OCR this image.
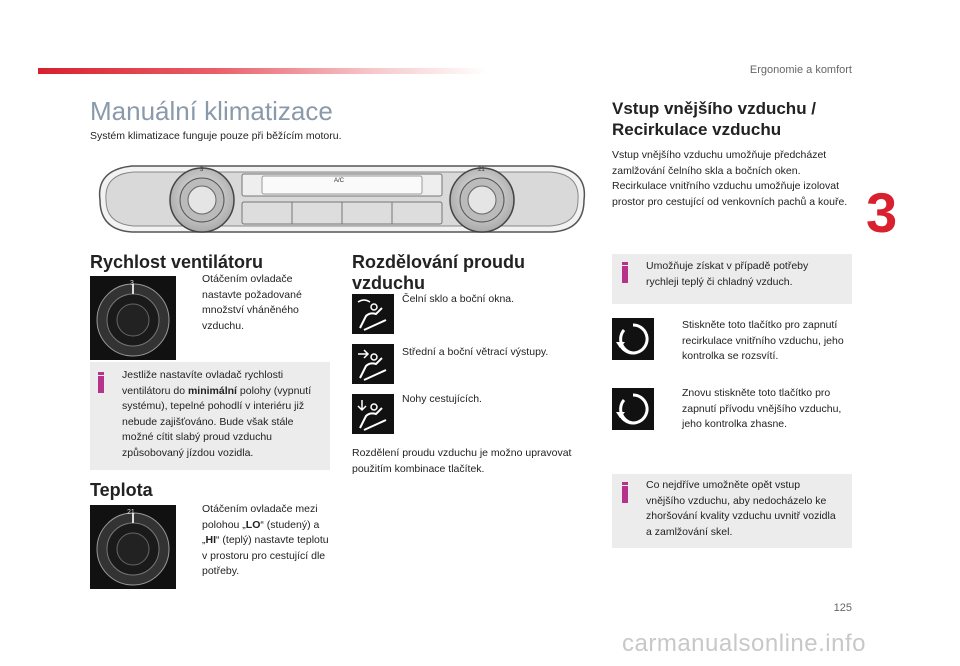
Ergonomie a komfort
3
Manuální klimatizace
Systém klimatizace funguje pouze při běžícím motoru.
A/C
3	21
Rychlost ventilátoru
3	Otáčením ovladače nastavte požadované množství vháněného vzduchu.
Jestliže nastavíte ovladač rychlosti ventilátoru do minimální polohy (vypnutí systému), tepelné pohodlí v interiéru již nebude zajišťováno. Bude však stále možné cítit slabý proud vzduchu způsobovaný jízdou vozidla.
Teplota
21	Otáčením ovladače mezi polohou „LO“ (studený) a „HI“ (teplý) nastavte teplotu v prostoru pro cestující dle potřeby.
Rozdělování proudu vzduchu
Čelní sklo a boční okna.
Střední a boční větrací výstupy.
Nohy cestujících.
Rozdělení proudu vzduchu je možno upravovat použitím kombinace tlačítek.
Vstup vnějšího vzduchu / Recirkulace vzduchu
Vstup vnějšího vzduchu umožňuje předcházet zamlžování čelního skla a bočních oken. Recirkulace vnitřního vzduchu umožňuje izolovat prostor pro cestující od venkovních pachů a kouře.
Umožňuje získat v případě potřeby rychleji teplý či chladný vzduch.
Stiskněte toto tlačítko pro zapnutí recirkulace vnitřního vzduchu, jeho kontrolka se rozsvítí.
Znovu stiskněte toto tlačítko pro zapnutí přívodu vnějšího vzduchu, jeho kontrolka zhasne.
Co nejdříve umožněte opět vstup vnějšího vzduchu, aby nedocházelo ke zhoršování kvality vzduchu uvnitř vozidla a zamlžování skel.
125
carmanualsonline.info
